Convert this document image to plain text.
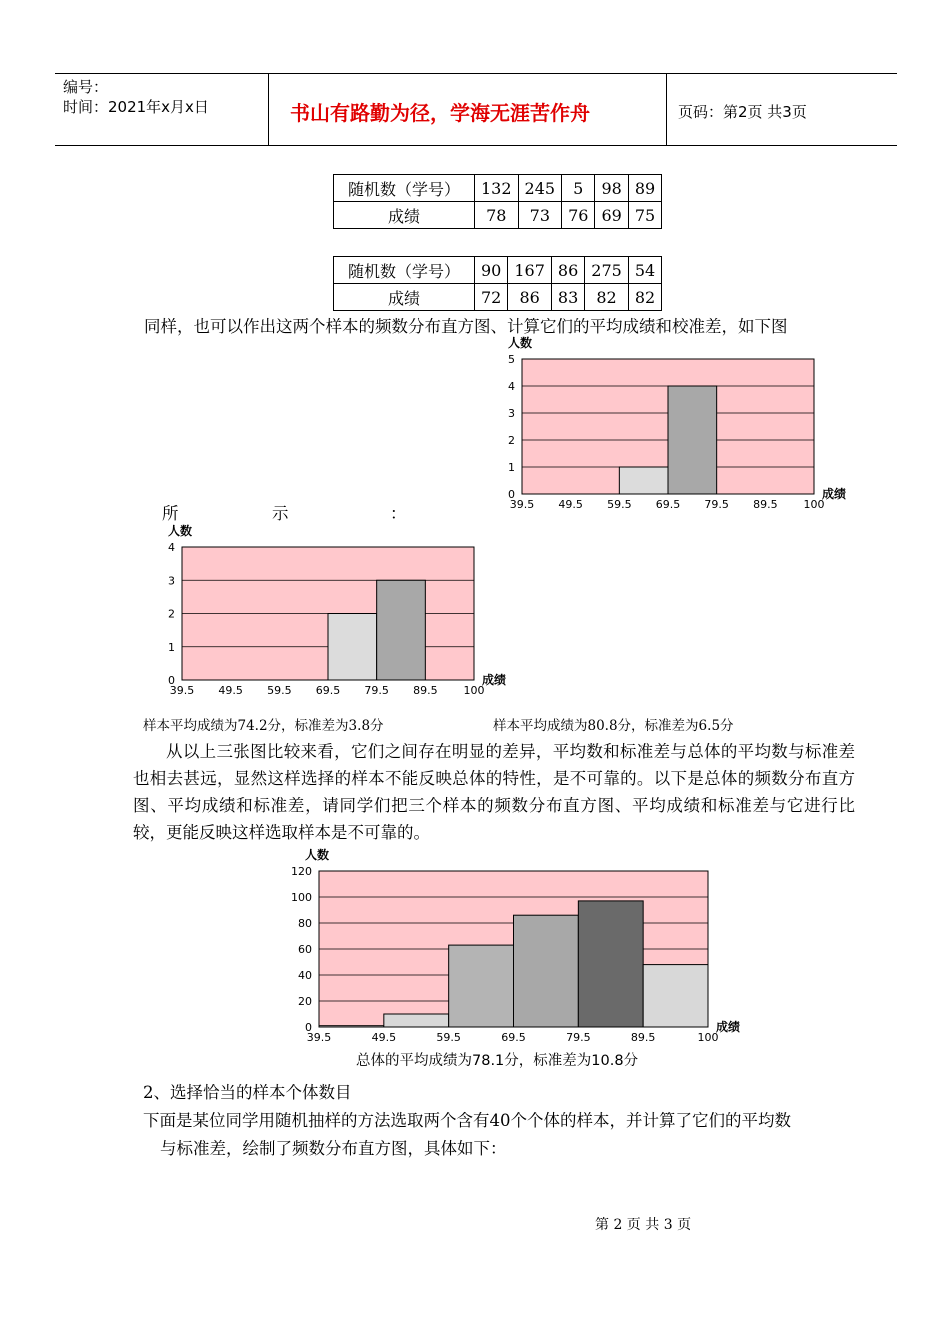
编号：
时间：2021年x月x日	书山有路勤为径，学海无涯苦作舟	页码：第2页 共3页
随机数（学号）	132	245	5	98	89
成绩	78	73	76	69	75
随机数（学号）	90	167	86	275	54
成绩	72	86	83	82	82
同样，也可以作出这两个样本的频数分布直方图、计算它们的平均成绩和校准差，如下图
所	示	：
0
1
2
3
4
5
39.5 49.5 59.5 69.5 79.5 89.5 100
人数
成绩
0
1
2
3
4
39.5 49.5 59.5 69.5 79.5 89.5 100
人数
成绩
样本平均成绩为74.2分，标准差为3.8分	样本平均成绩为80.8分，标准差为6.5分
从以上三张图比较来看，它们之间存在明显的差异，平均数和标准差与总体的平均数与标准差也相去甚远，显然这样选择的样本不能反映总体的特性，是不可靠的。以下是总体的频数分布直方图、平均成绩和标准差，请同学们把三个样本的频数分布直方图、平均成绩和标准差与它进行比较，更能反映这样选取样本是不可靠的。
0
20
40
60
80
100
120
39.5	49.5	59.5	69.5	79.5	89.5	100
人数
成绩
总体的平均成绩为78.1分，标准差为10.8分
2、选择恰当的样本个体数目
下面是某位同学用随机抽样的方法选取两个含有40个个体的样本，并计算了它们的平均数
与标准差，绘制了频数分布直方图，具体如下：
第 2 页 共 3 页
